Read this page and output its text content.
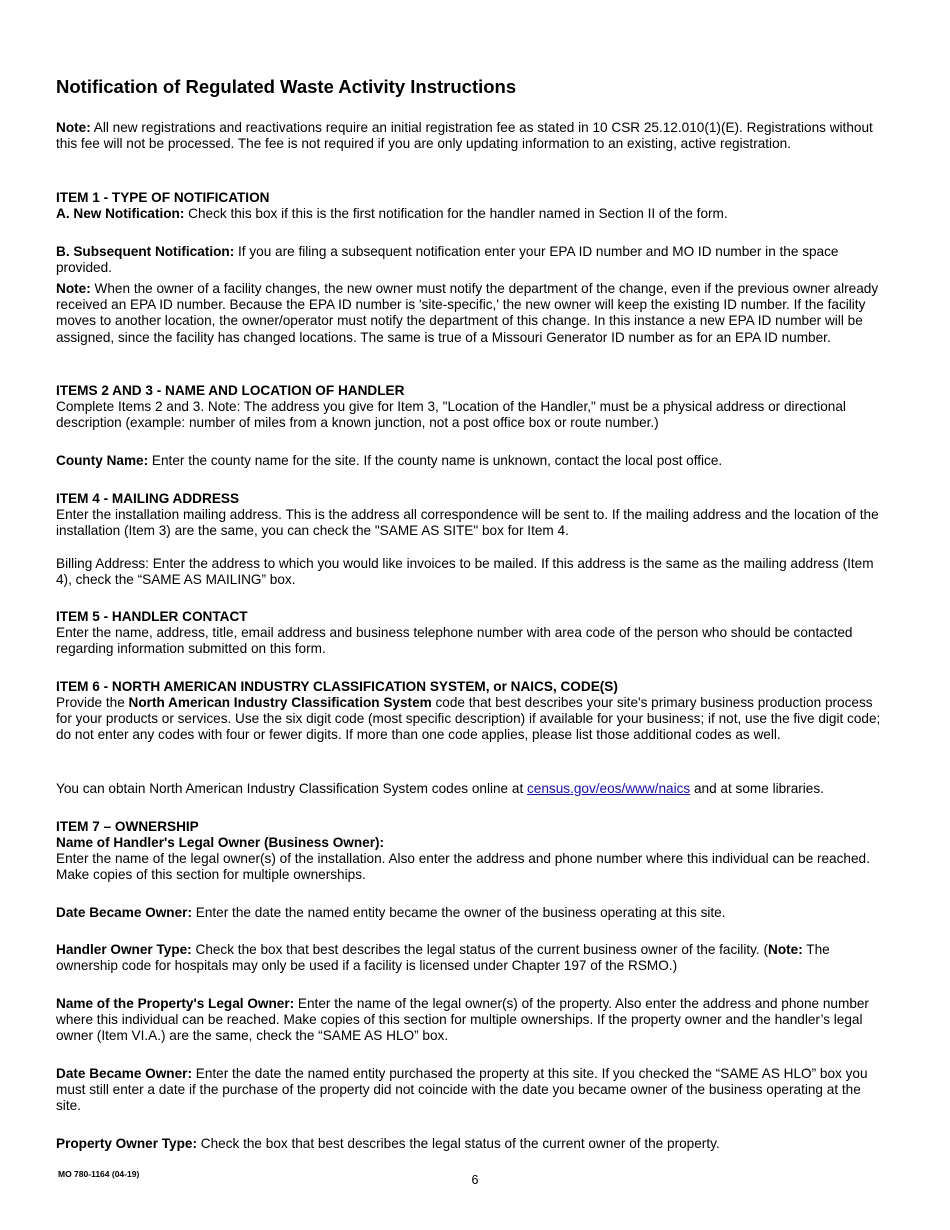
Notification of Regulated Waste Activity Instructions

Note: All new registrations and reactivations require an initial registration fee as stated in 10 CSR 25.12.010(1)(E). Registrations without this fee will not be processed. The fee is not required if you are only updating information to an existing, active registration.

ITEM 1 - TYPE OF NOTIFICATION

A. New Notification: Check this box if this is the first notification for the handler named in Section II of the form.

B. Subsequent Notification: If you are filing a subsequent notification enter your EPA ID number and MO ID number in the space provided.

Note: When the owner of a facility changes, the new owner must notify the department of the change, even if the previous owner already received an EPA ID number. Because the EPA ID number is 'site-specific,' the new owner will keep the existing ID number. If the facility moves to another location, the owner/operator must notify the department of this change. In this instance a new EPA ID number will be assigned, since the facility has changed locations. The same is true of a Missouri Generator ID number as for an EPA ID number.

ITEMS 2 AND 3 - NAME AND LOCATION OF HANDLER

Complete Items 2 and 3. Note: The address you give for Item 3, "Location of the Handler," must be a physical address or directional description (example: number of miles from a known junction, not a post office box or route number.)

County Name: Enter the county name for the site. If the county name is unknown, contact the local post office.

ITEM 4 - MAILING ADDRESS

Enter the installation mailing address. This is the address all correspondence will be sent to. If the mailing address and the location of the installation (Item 3) are the same, you can check the "SAME AS SITE" box for Item 4.

Billing Address: Enter the address to which you would like invoices to be mailed. If this address is the same as the mailing address (Item 4), check the “SAME AS MAILING” box.

ITEM 5 - HANDLER CONTACT

Enter the name, address, title, email address and business telephone number with area code of the person who should be contacted regarding information submitted on this form.

ITEM 6 - NORTH AMERICAN INDUSTRY CLASSIFICATION SYSTEM, or NAICS, CODE(S)

Provide the North American Industry Classification System code that best describes your site's primary business production process for your products or services. Use the six digit code (most specific description) if available for your business; if not, use the five digit code; do not enter any codes with four or fewer digits. If more than one code applies, please list those additional codes as well.

You can obtain North American Industry Classification System codes online at census.gov/eos/www/naics and at some libraries.

ITEM 7 – OWNERSHIP

Name of Handler's Legal Owner (Business Owner):

Enter the name of the legal owner(s) of the installation. Also enter the address and phone number where this individual can be reached. Make copies of this section for multiple ownerships.

Date Became Owner: Enter the date the named entity became the owner of the business operating at this site.

Handler Owner Type: Check the box that best describes the legal status of the current business owner of the facility. (Note: The ownership code for hospitals may only be used if a facility is licensed under Chapter 197 of the RSMO.)

Name of the Property's Legal Owner: Enter the name of the legal owner(s) of the property. Also enter the address and phone number where this individual can be reached. Make copies of this section for multiple ownerships. If the property owner and the handler’s legal owner (Item VI.A.) are the same, check the “SAME AS HLO” box.

Date Became Owner: Enter the date the named entity purchased the property at this site. If you checked the “SAME AS HLO” box you must still enter a date if the purchase of the property did not coincide with the date you became owner of the business operating at the site.

Property Owner Type: Check the box that best describes the legal status of the current owner of the property.

MO 780-1164 (04-19)	6
